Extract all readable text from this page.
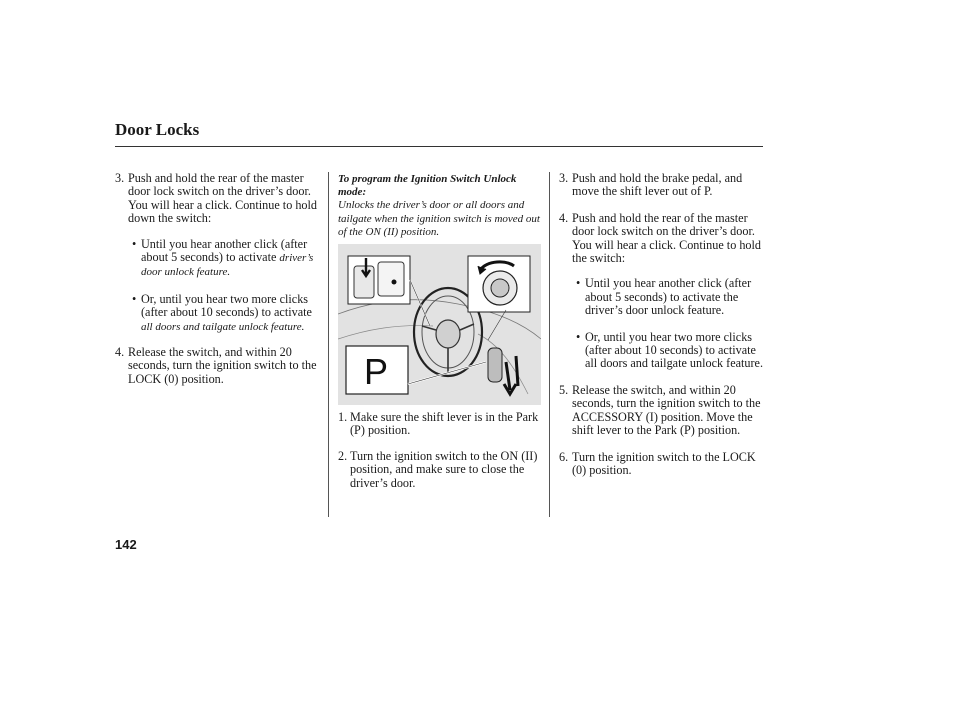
Door Locks
3. Push and hold the rear of the master door lock switch on the driver’s door. You will hear a click. Continue to hold down the switch:
• Until you hear another click (after about 5 seconds) to activate driver’s door unlock feature.
• Or, until you hear two more clicks (after about 10 seconds) to activate all doors and tailgate unlock feature.
4. Release the switch, and within 20 seconds, turn the ignition switch to the LOCK (0) position.
To program the Ignition Switch Unlock mode:
Unlocks the driver’s door or all doors and tailgate when the ignition switch is moved out of the ON (II) position.
P
1. Make sure the shift lever is in the Park (P) position.
2. Turn the ignition switch to the ON (II) position, and make sure to close the driver’s door.
3. Push and hold the brake pedal, and move the shift lever out of P.
4. Push and hold the rear of the master door lock switch on the driver’s door. You will hear a click. Continue to hold the switch:
• Until you hear another click (after about 5 seconds) to activate the driver’s door unlock feature.
• Or, until you hear two more clicks (after about 10 seconds) to activate all doors and tailgate unlock feature.
5. Release the switch, and within 20 seconds, turn the ignition switch to the ACCESSORY (I) position. Move the shift lever to the Park (P) position.
6. Turn the ignition switch to the LOCK (0) position.
142
